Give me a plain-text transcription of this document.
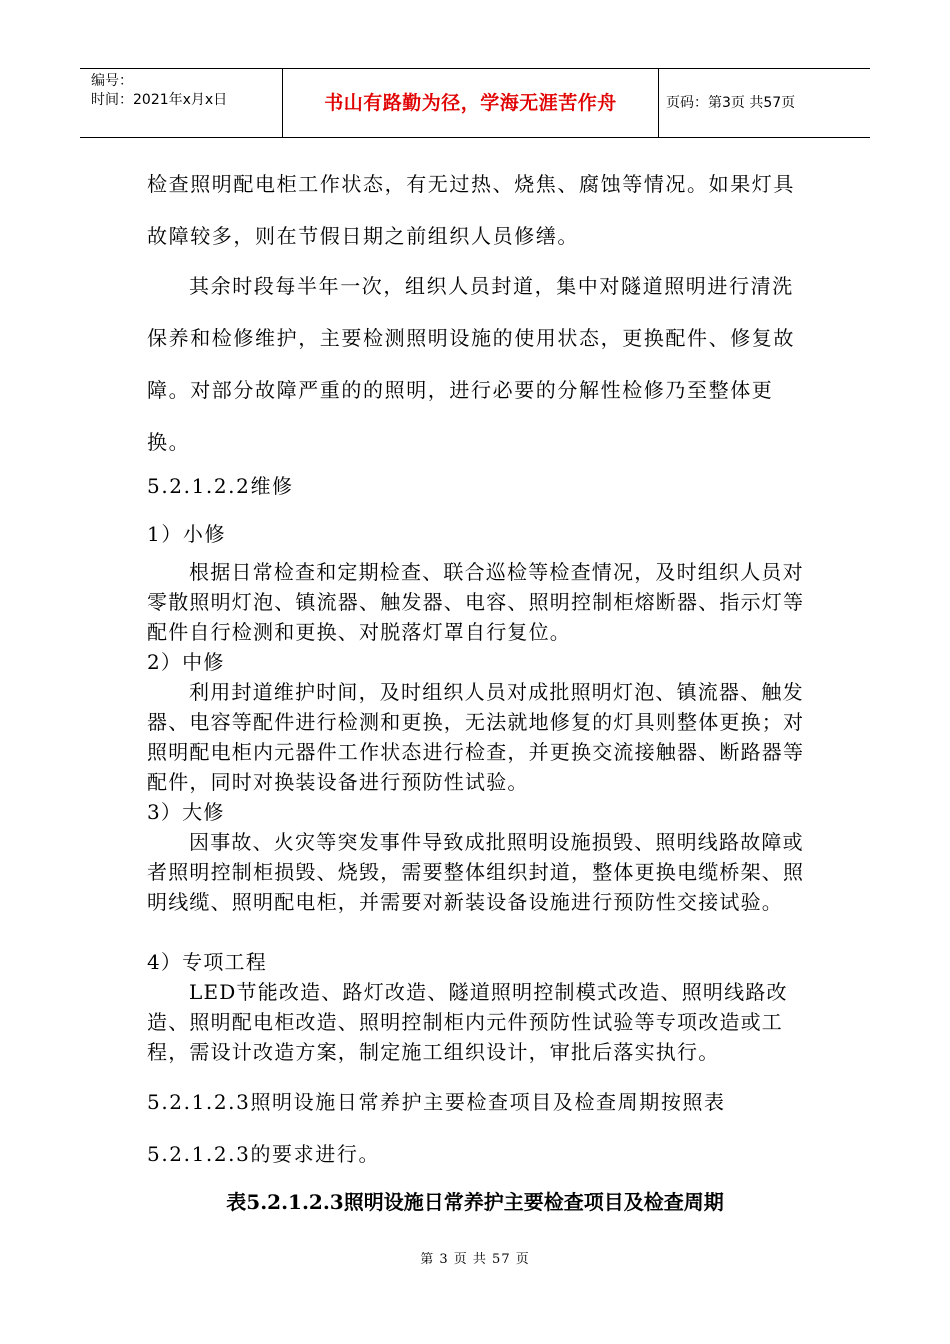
编号：
时间：2021年x月x日	书山有路勤为径，学海无涯苦作舟	页码：第3页 共57页

检查照明配电柜工作状态，有无过热、烧焦、腐蚀等情况。如果灯具故障较多，则在节假日期之前组织人员修缮。

其余时段每半年一次，组织人员封道，集中对隧道照明进行清洗保养和检修维护，主要检测照明设施的使用状态，更换配件、修复故障。对部分故障严重的的照明，进行必要的分解性检修乃至整体更换。

5.2.1.2.2维修

1）小修

根据日常检查和定期检查、联合巡检等检查情况，及时组织人员对零散照明灯泡、镇流器、触发器、电容、照明控制柜熔断器、指示灯等配件自行检测和更换、对脱落灯罩自行复位。

2）中修

利用封道维护时间，及时组织人员对成批照明灯泡、镇流器、触发器、电容等配件进行检测和更换，无法就地修复的灯具则整体更换；对照明配电柜内元器件工作状态进行检查，并更换交流接触器、断路器等配件，同时对换装设备进行预防性试验。

3）大修

因事故、火灾等突发事件导致成批照明设施损毁、照明线路故障或者照明控制柜损毁、烧毁，需要整体组织封道，整体更换电缆桥架、照明线缆、照明配电柜，并需要对新装设备设施进行预防性交接试验。

4）专项工程

LED节能改造、路灯改造、隧道照明控制模式改造、照明线路改造、照明配电柜改造、照明控制柜内元件预防性试验等专项改造或工程，需设计改造方案，制定施工组织设计，审批后落实执行。

5.2.1.2.3照明设施日常养护主要检查项目及检查周期按照表5.2.1.2.3的要求进行。

表5.2.1.2.3照明设施日常养护主要检查项目及检查周期
第 3 页 共 57 页
